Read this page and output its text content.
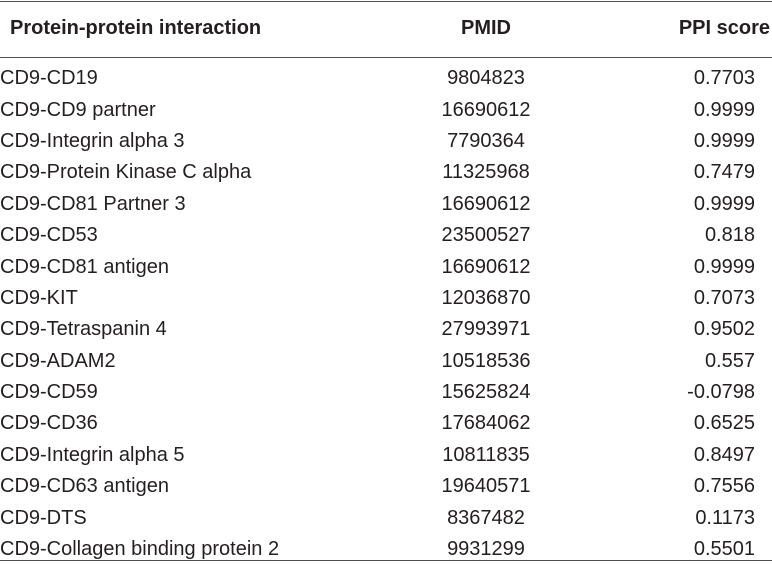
Protein-protein interaction	PMID	PPI score
CD9-CD19	9804823	0.7703
CD9-CD9 partner	16690612	0.9999
CD9-Integrin alpha 3	7790364	0.9999
CD9-Protein Kinase C alpha	11325968	0.7479
CD9-CD81 Partner 3	16690612	0.9999
CD9-CD53	23500527	0.818
CD9-CD81 antigen	16690612	0.9999
CD9-KIT	12036870	0.7073
CD9-Tetraspanin 4	27993971	0.9502
CD9-ADAM2	10518536	0.557
CD9-CD59	15625824	-0.0798
CD9-CD36	17684062	0.6525
CD9-Integrin alpha 5	10811835	0.8497
CD9-CD63 antigen	19640571	0.7556
CD9-DTS	8367482	0.1173
CD9-Collagen binding protein 2	9931299	0.5501
